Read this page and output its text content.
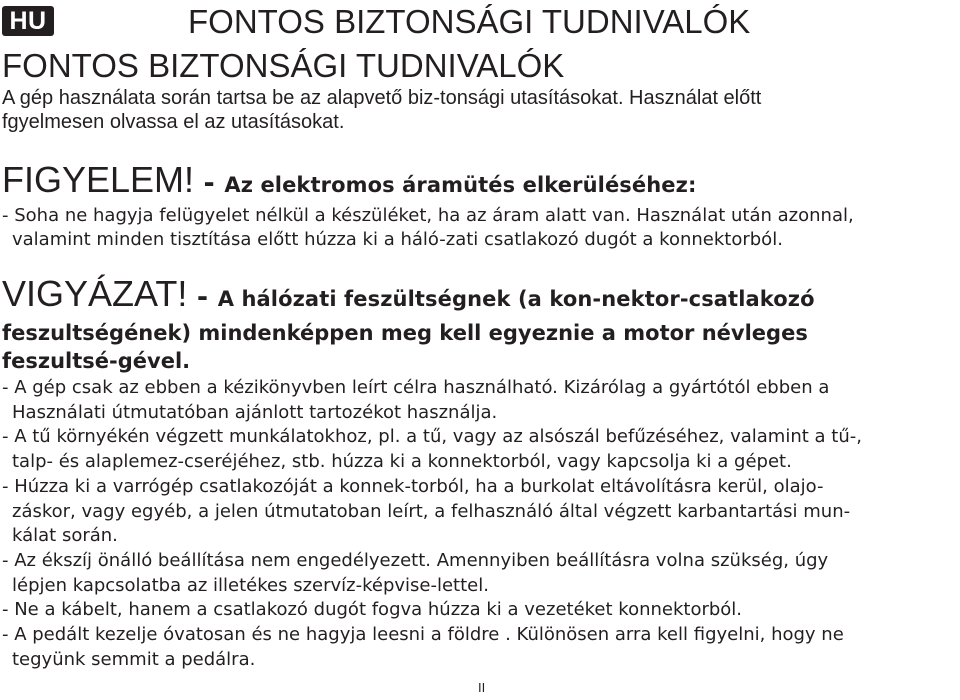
HU	FONTOS BIZTONSÁGI TUDNIVALÓK
FONTOS BIZTONSÁGI TUDNIVALÓK
A gép használata során tartsa be az alapvető biz-tonsági utasításokat. Használat előtt
fgyelmesen olvassa el az utasításokat.
FIGYELEM! - Az elektromos áramütés elkerüléséhez:
- Soha ne hagyja felügyelet nélkül a készüléket, ha az áram alatt van. Használat után azonnal,
valamint minden tisztítása előtt húzza ki a háló-zati csatlakozó dugót a konnektorból.
VIGYÁZAT! - A hálózati feszültségnek (a kon-nektor-csatlakozó
feszultségének) mindenképpen meg kell egyeznie a motor névleges
feszultsé-gével.
- A gép csak az ebben a kézikönyvben leírt célra használható. Kizárólag a gyártótól ebben a
Használati útmutatóban ajánlott tartozékot használja.
- A tű környékén végzett munkálatokhoz, pl. a tű, vagy az alsószál befűzéséhez, valamint a tű-,
talp- és alaplemez-cseréjéhez, stb. húzza ki a konnektorból, vagy kapcsolja ki a gépet.
- Húzza ki a varrógép csatlakozóját a konnek-torból, ha a burkolat eltávolításra kerül, olajo-
záskor, vagy egyéb, a jelen útmutatoban leírt, a felhasználó által végzett karbantartási mun-
kálat során.
- Az ékszíj önálló beállítása nem engedélyezett. Amennyiben beállításra volna szükség, úgy
lépjen kapcsolatba az illetékes szervíz-képvise-lettel.
- Ne a kábelt, hanem a csatlakozó dugót fogva húzza ki a vezetéket konnektorból.
- A pedált kezelje óvatosan és ne hagyja leesni a földre . Különösen arra kell figyelni, hogy ne
tegyünk semmit a pedálra.
II
